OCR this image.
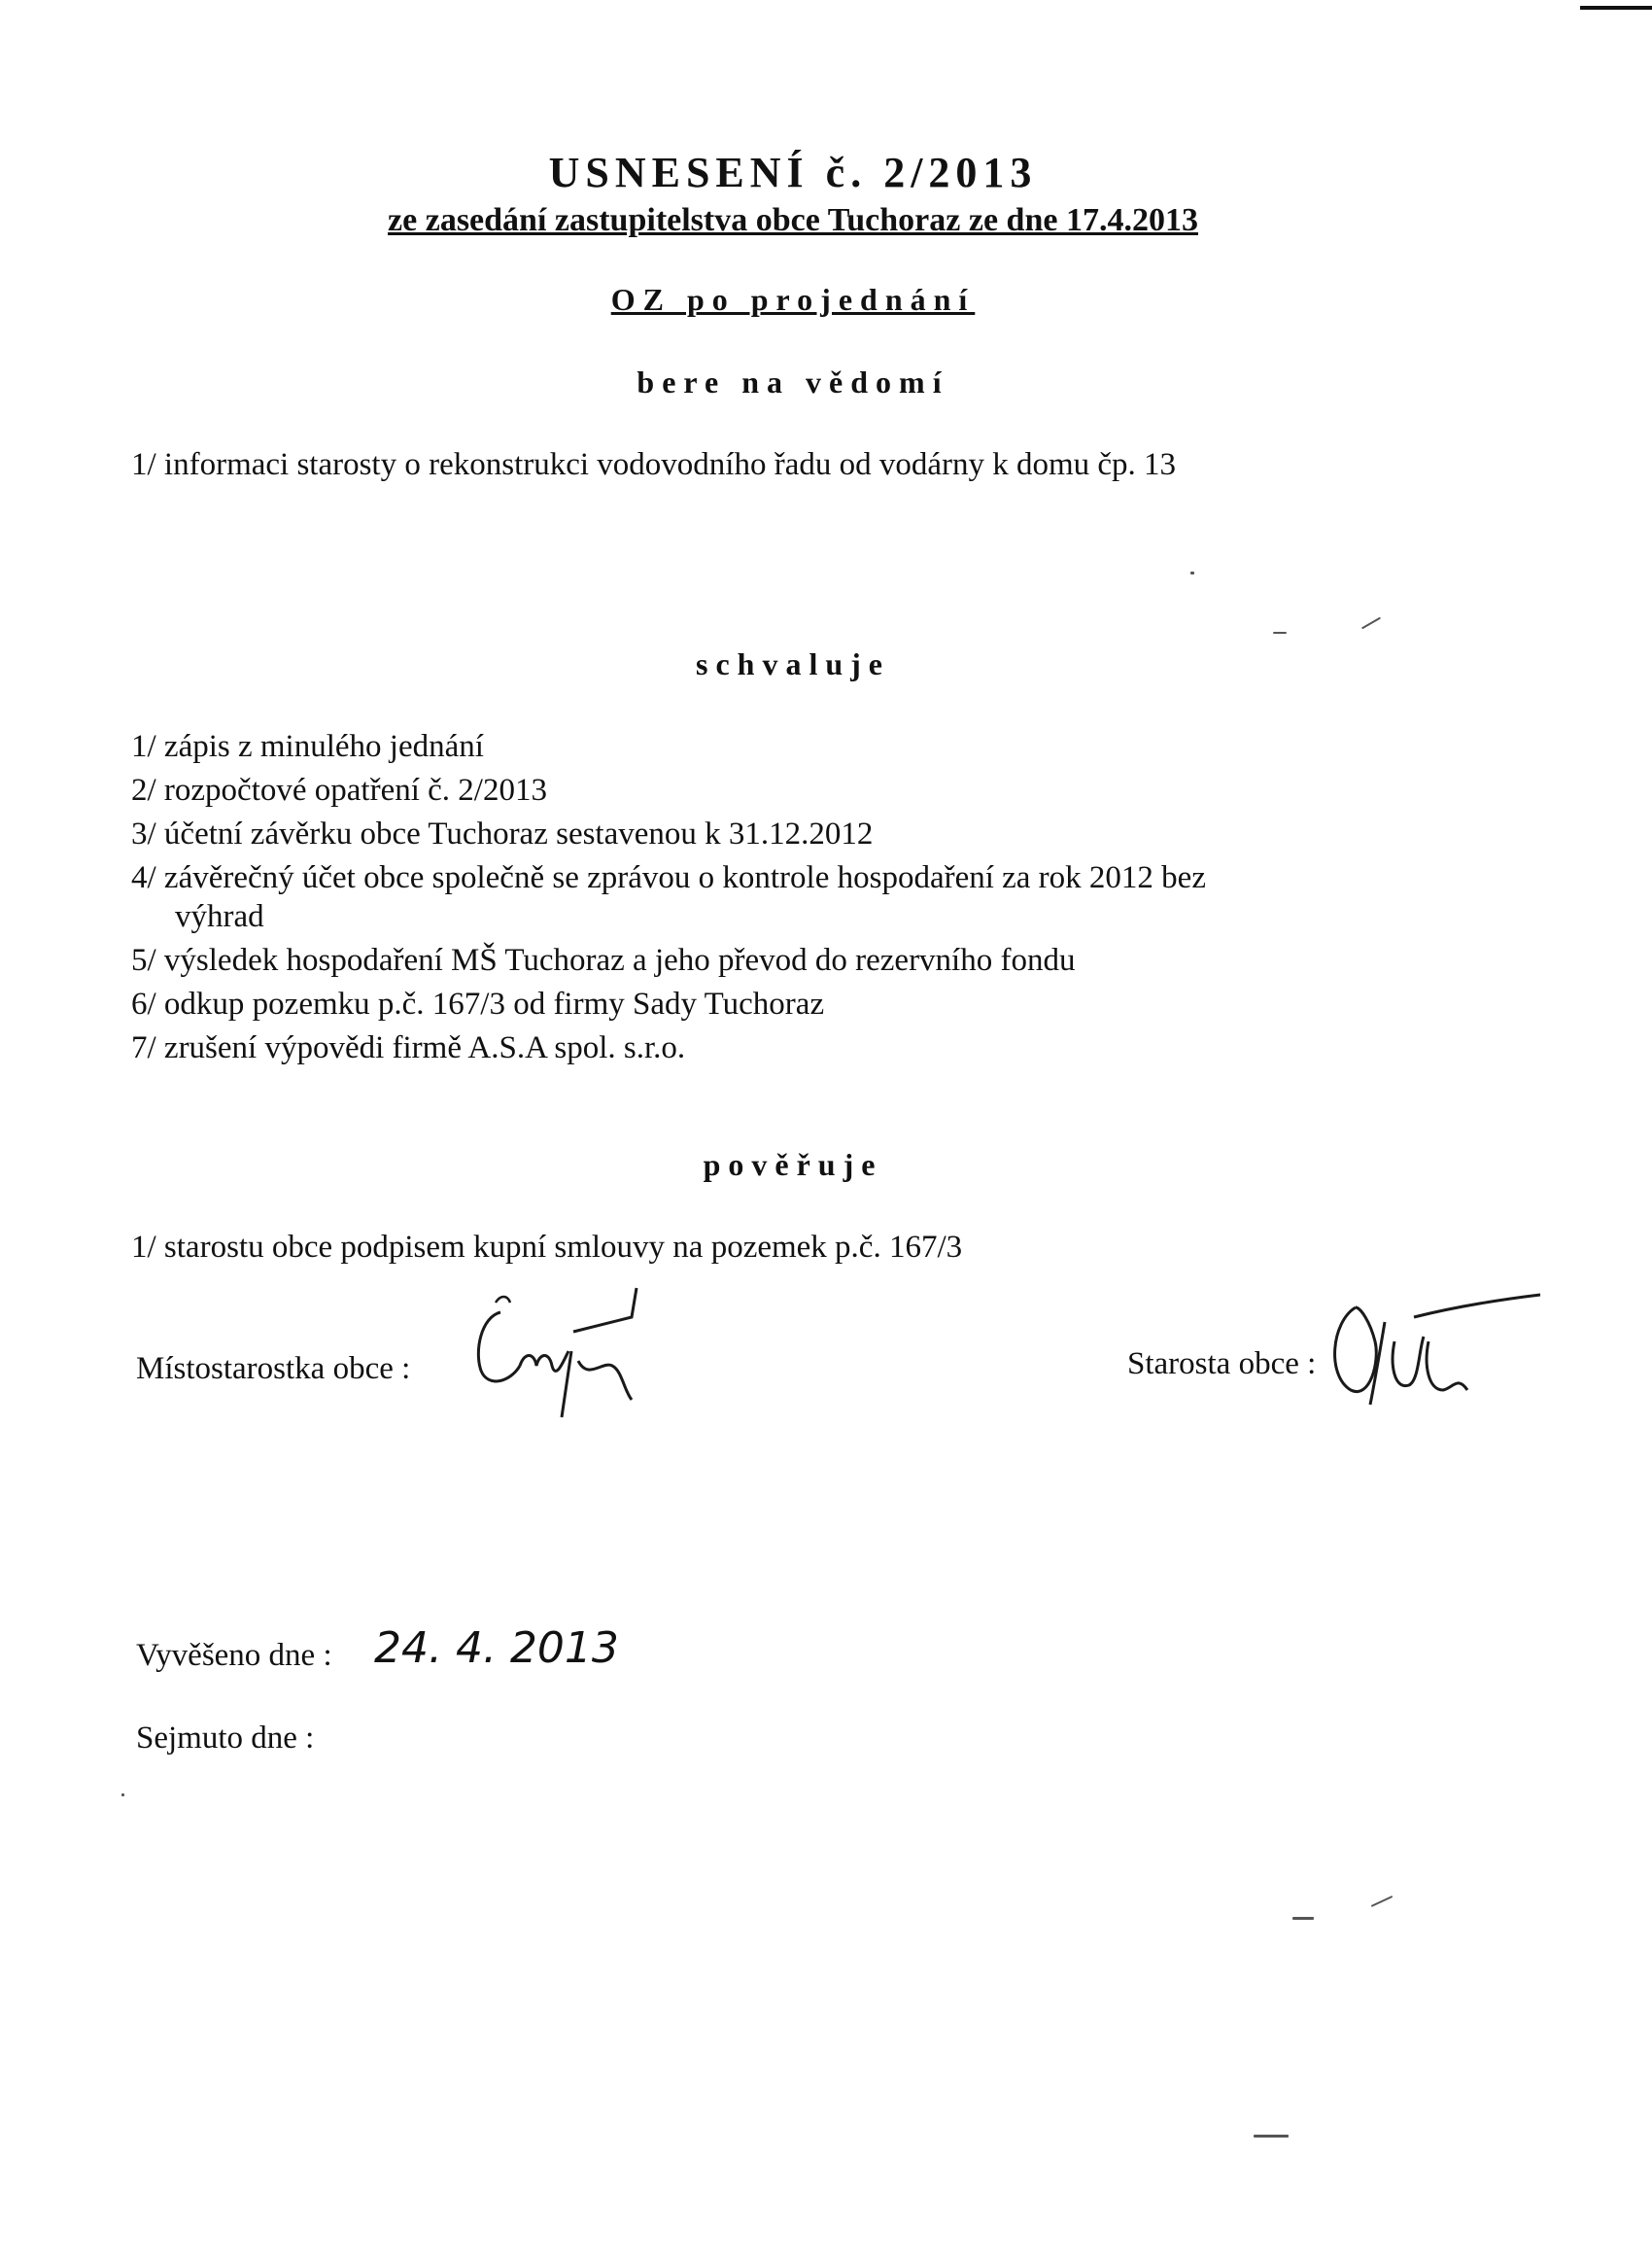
USNESENÍ č. 2/2013
ze zasedání zastupitelstva obce Tuchoraz ze dne 17.4.2013
OZ po projednání
bere na vědomí
1/ informaci starosty o rekonstrukci vodovodního řadu od vodárny k domu čp. 13
schvaluje
1/ zápis z minulého jednání
2/ rozpočtové opatření č. 2/2013
3/ účetní závěrku obce Tuchoraz sestavenou k 31.12.2012
4/ závěrečný účet obce společně se zprávou o kontrole hospodaření za rok 2012 bez
výhrad
5/ výsledek hospodaření MŠ Tuchoraz a jeho převod do rezervního fondu
6/ odkup pozemku p.č. 167/3 od firmy Sady Tuchoraz
7/ zrušení výpovědi firmě A.S.A spol. s.r.o.
pověřuje
1/ starostu obce podpisem kupní smlouvy na pozemek p.č. 167/3
Místostarostka obce :	Starosta obce :
Vyvěšeno dne : 24. 4. 2013
Sejmuto dne :
